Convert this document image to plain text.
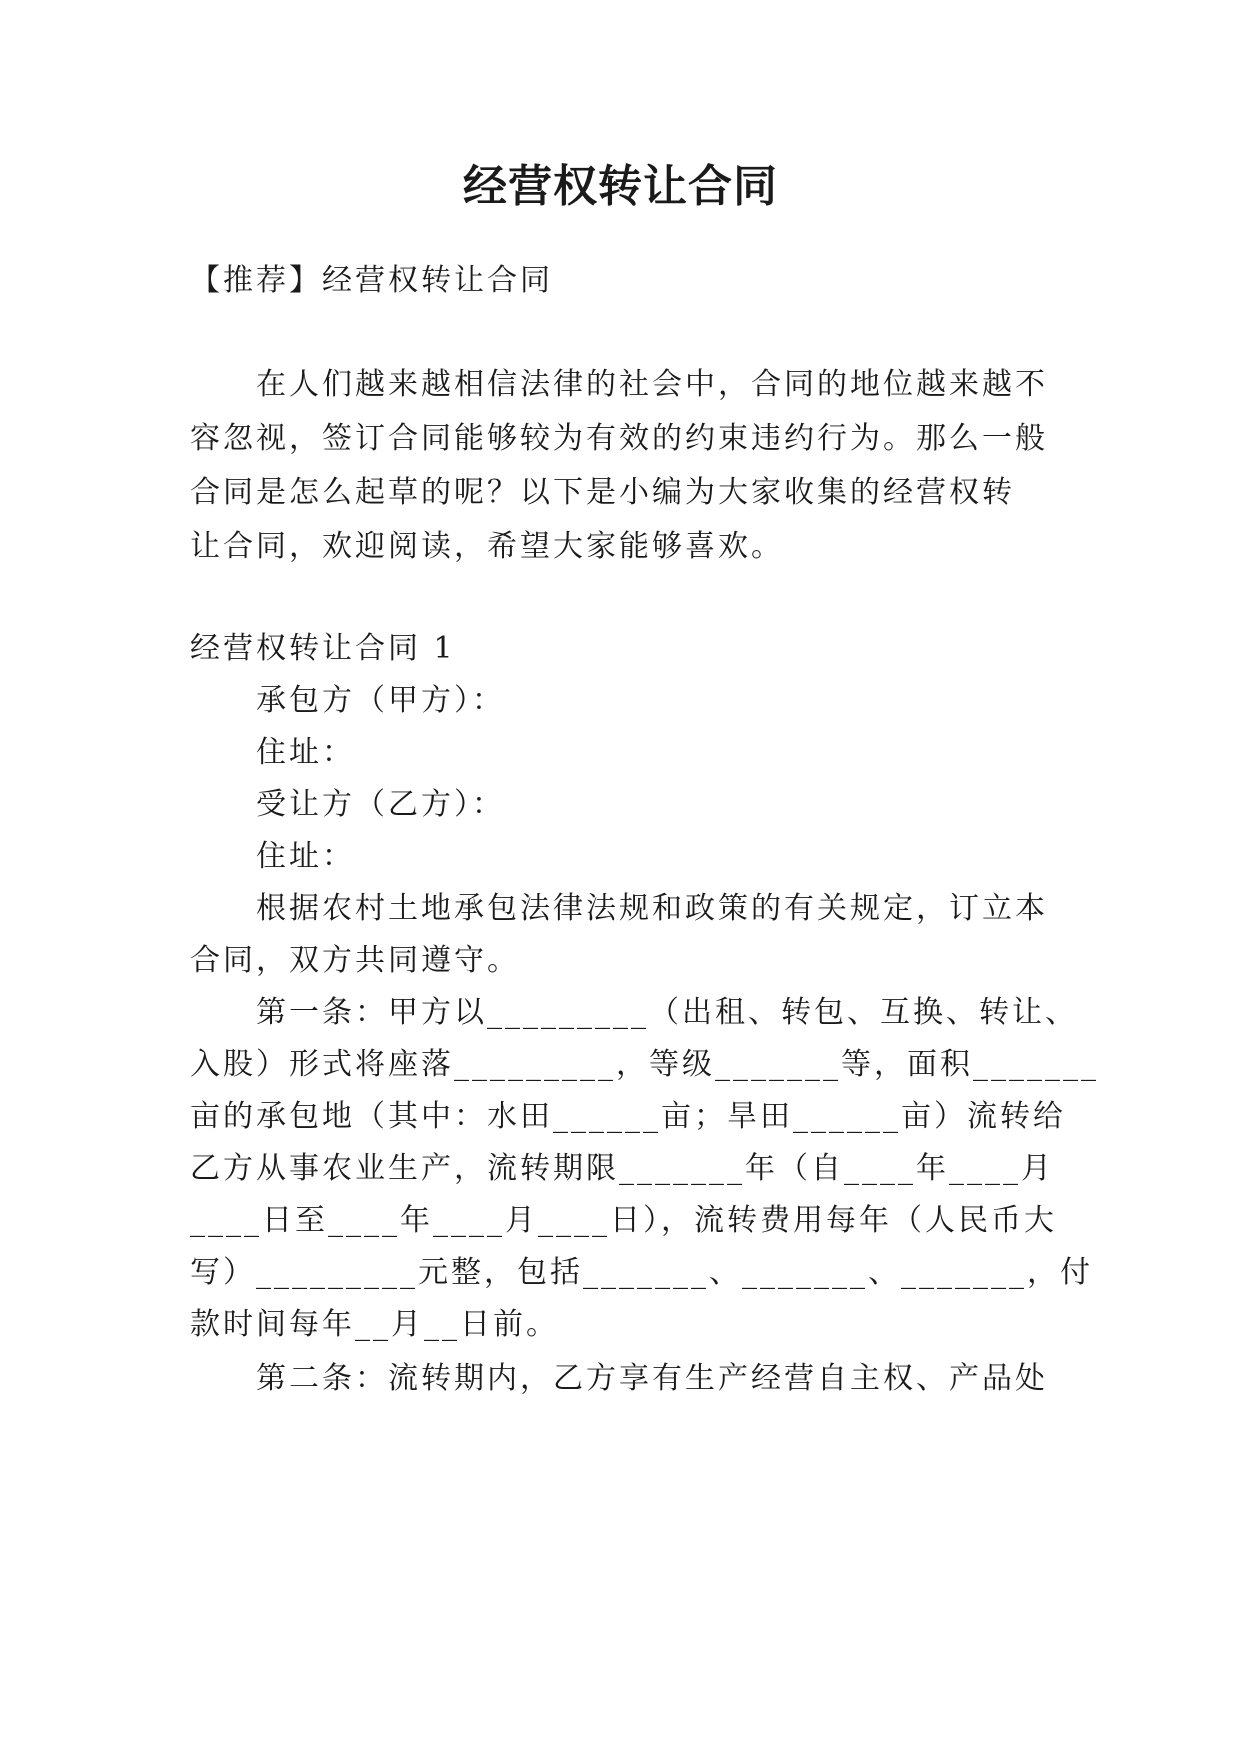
经营权转让合同
【推荐】经营权转让合同
在人们越来越相信法律的社会中，合同的地位越来越不
容忽视，签订合同能够较为有效的约束违约行为。那么一般
合同是怎么起草的呢？以下是小编为大家收集的经营权转
让合同，欢迎阅读，希望大家能够喜欢。
经营权转让合同 1
承包方（甲方）：
住址：
受让方（乙方）：
住址：
根据农村土地承包法律法规和政策的有关规定，订立本
合同，双方共同遵守。
第一条：甲方以_________（出租、转包、互换、转让、
入股）形式将座落_________，等级_______等，面积_______
亩的承包地（其中：水田______亩；旱田______亩）流转给
乙方从事农业生产，流转期限_______年（自____年____月
____日至____年____月____日），流转费用每年（人民币大
写）_________元整，包括_______、_______、_______，付
款时间每年__月__日前。
第二条：流转期内，乙方享有生产经营自主权、产品处
